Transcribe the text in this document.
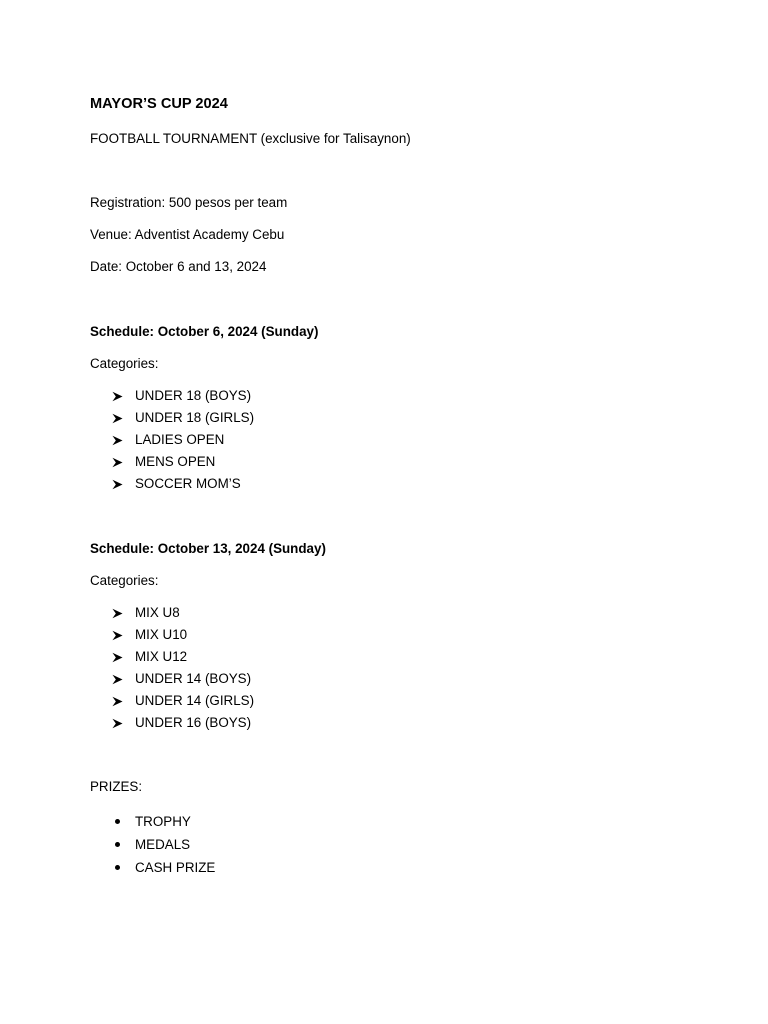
MAYOR’S CUP 2024
FOOTBALL TOURNAMENT (exclusive for Talisaynon)
Registration: 500 pesos per team
Venue: Adventist Academy Cebu
Date: October 6 and 13, 2024
Schedule: October 6, 2024 (Sunday)
Categories:
UNDER 18 (BOYS)
UNDER 18 (GIRLS)
LADIES OPEN
MENS OPEN
SOCCER MOM’S
Schedule: October 13, 2024 (Sunday)
Categories:
MIX U8
MIX U10
MIX U12
UNDER 14 (BOYS)
UNDER 14 (GIRLS)
UNDER 16 (BOYS)
PRIZES:
TROPHY
MEDALS
CASH PRIZE
